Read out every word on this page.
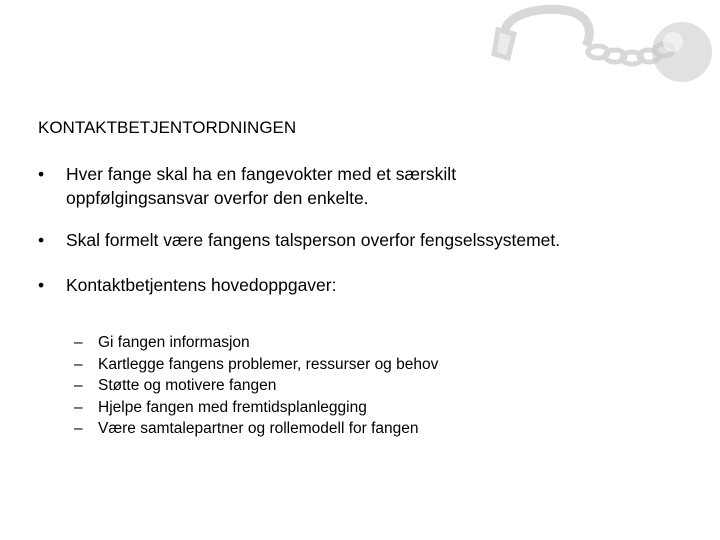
KONTAKTBETJENTORDNINGEN
• Hver fange skal ha en fangevokter med et særskilt
oppfølgingsansvar overfor den enkelte.
• Skal formelt være fangens talsperson overfor fengselssystemet.
• Kontaktbetjentens hovedoppgaver:
– Gi fangen informasjon
– Kartlegge fangens problemer, ressurser og behov
– Støtte og motivere fangen
– Hjelpe fangen med fremtidsplanlegging
– Være samtalepartner og rollemodell for fangen
